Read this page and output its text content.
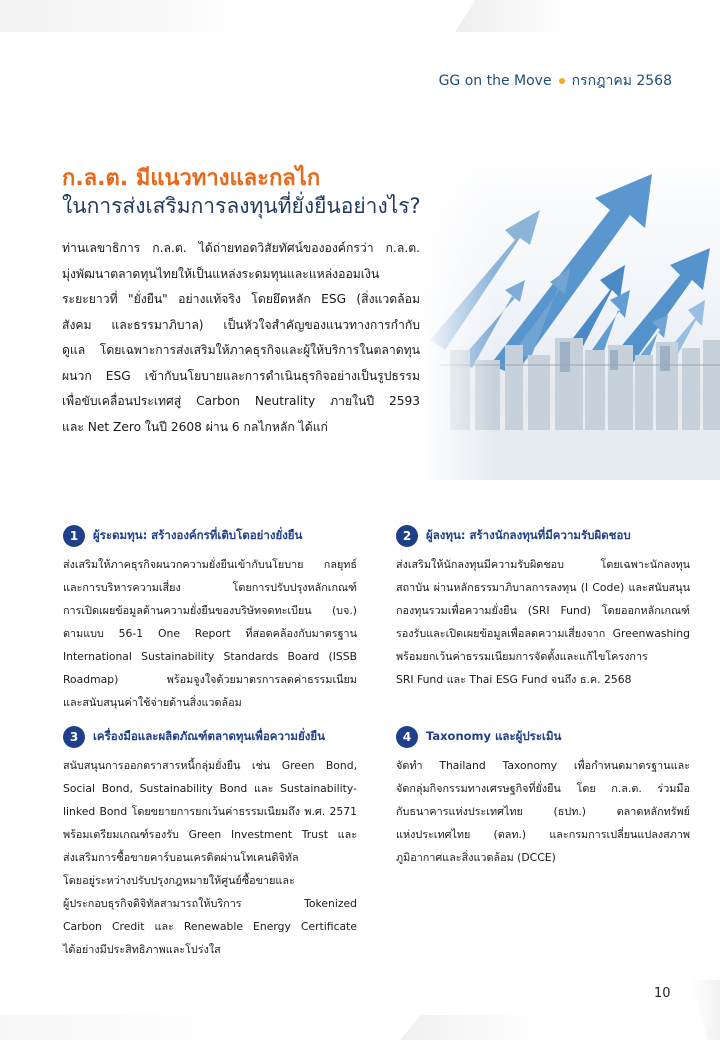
GG on the Move กรกฎาคม 2568
ก.ล.ต. มีแนวทางและกลไก
ในการส่งเสริมการลงทุนที่ยั่งยืนอย่างไร?

ท่านเลขาธิการ ก.ล.ต. ได้ถ่ายทอดวิสัยทัศน์ขององค์กรว่า ก.ล.ต.

มุ่งพัฒนาตลาดทุนไทยให้เป็นแหล่งระดมทุนและแหล่งออมเงิน

ระยะยาวที่ "ยั่งยืน" อย่างแท้จริง โดยยึดหลัก ESG (สิ่งแวดล้อม

สังคม และธรรมาภิบาล) เป็นหัวใจสำคัญของแนวทางการกำกับ

ดูแล โดยเฉพาะการส่งเสริมให้ภาคธุรกิจและผู้ให้บริการในตลาดทุน

ผนวก ESG เข้ากับนโยบายและการดำเนินธุรกิจอย่างเป็นรูปธรรม

เพื่อขับเคลื่อนประเทศสู่ Carbon Neutrality ภายในปี 2593

และ Net Zero ในปี 2608 ผ่าน 6 กลไกหลัก ได้แก่

1	ผู้ระดมทุน: สร้างองค์กรที่เติบโตอย่างยั่งยืน

ส่งเสริมให้ภาคธุรกิจผนวกความยั่งยืนเข้ากับนโยบาย กลยุทธ์

และการบริหารความเสี่ยง โดยการปรับปรุงหลักเกณฑ์

การเปิดเผยข้อมูลด้านความยั่งยืนของบริษัทจดทะเบียน (บจ.)

ตามแบบ 56-1 One Report ที่สอดคล้องกับมาตรฐาน

International Sustainability Standards Board (ISSB

Roadmap) พร้อมจูงใจด้วยมาตรการลดค่าธรรมเนียม

และสนับสนุนค่าใช้จ่ายด้านสิ่งแวดล้อม

2	ผู้ลงทุน: สร้างนักลงทุนที่มีความรับผิดชอบ

ส่งเสริมให้นักลงทุนมีความรับผิดชอบ โดยเฉพาะนักลงทุน

สถาบัน ผ่านหลักธรรมาภิบาลการลงทุน (I Code) และสนับสนุน

กองทุนรวมเพื่อความยั่งยืน (SRI Fund) โดยออกหลักเกณฑ์

รองรับและเปิดเผยข้อมูลเพื่อลดความเสี่ยงจาก Greenwashing

พร้อมยกเว้นค่าธรรมเนียมการจัดตั้งและแก้ไขโครงการ

SRI Fund และ Thai ESG Fund จนถึง ธ.ค. 2568

3	เครื่องมือและผลิตภัณฑ์ตลาดทุนเพื่อความยั่งยืน

สนับสนุนการออกตราสารหนี้กลุ่มยั่งยืน เช่น Green Bond,

Social Bond, Sustainability Bond และ Sustainability-

linked Bond โดยขยายการยกเว้นค่าธรรมเนียมถึง พ.ศ. 2571

พร้อมเตรียมเกณฑ์รองรับ Green Investment Trust และ

ส่งเสริมการซื้อขายคาร์บอนเครดิตผ่านโทเคนดิจิทัล

โดยอยู่ระหว่างปรับปรุงกฎหมายให้ศูนย์ซื้อขายและ

ผู้ประกอบธุรกิจดิจิทัลสามารถให้บริการ Tokenized

Carbon Credit และ Renewable Energy Certificate

ได้อย่างมีประสิทธิภาพและโปร่งใส

4	Taxonomy และผู้ประเมิน

จัดทำ Thailand Taxonomy เพื่อกำหนดมาตรฐานและ

จัดกลุ่มกิจกรรมทางเศรษฐกิจที่ยั่งยืน โดย ก.ล.ต. ร่วมมือ

กับธนาคารแห่งประเทศไทย (ธปท.) ตลาดหลักทรัพย์

แห่งประเทศไทย (ตลท.) และกรมการเปลี่ยนแปลงสภาพ

ภูมิอากาศและสิ่งแวดล้อม (DCCE)

10
